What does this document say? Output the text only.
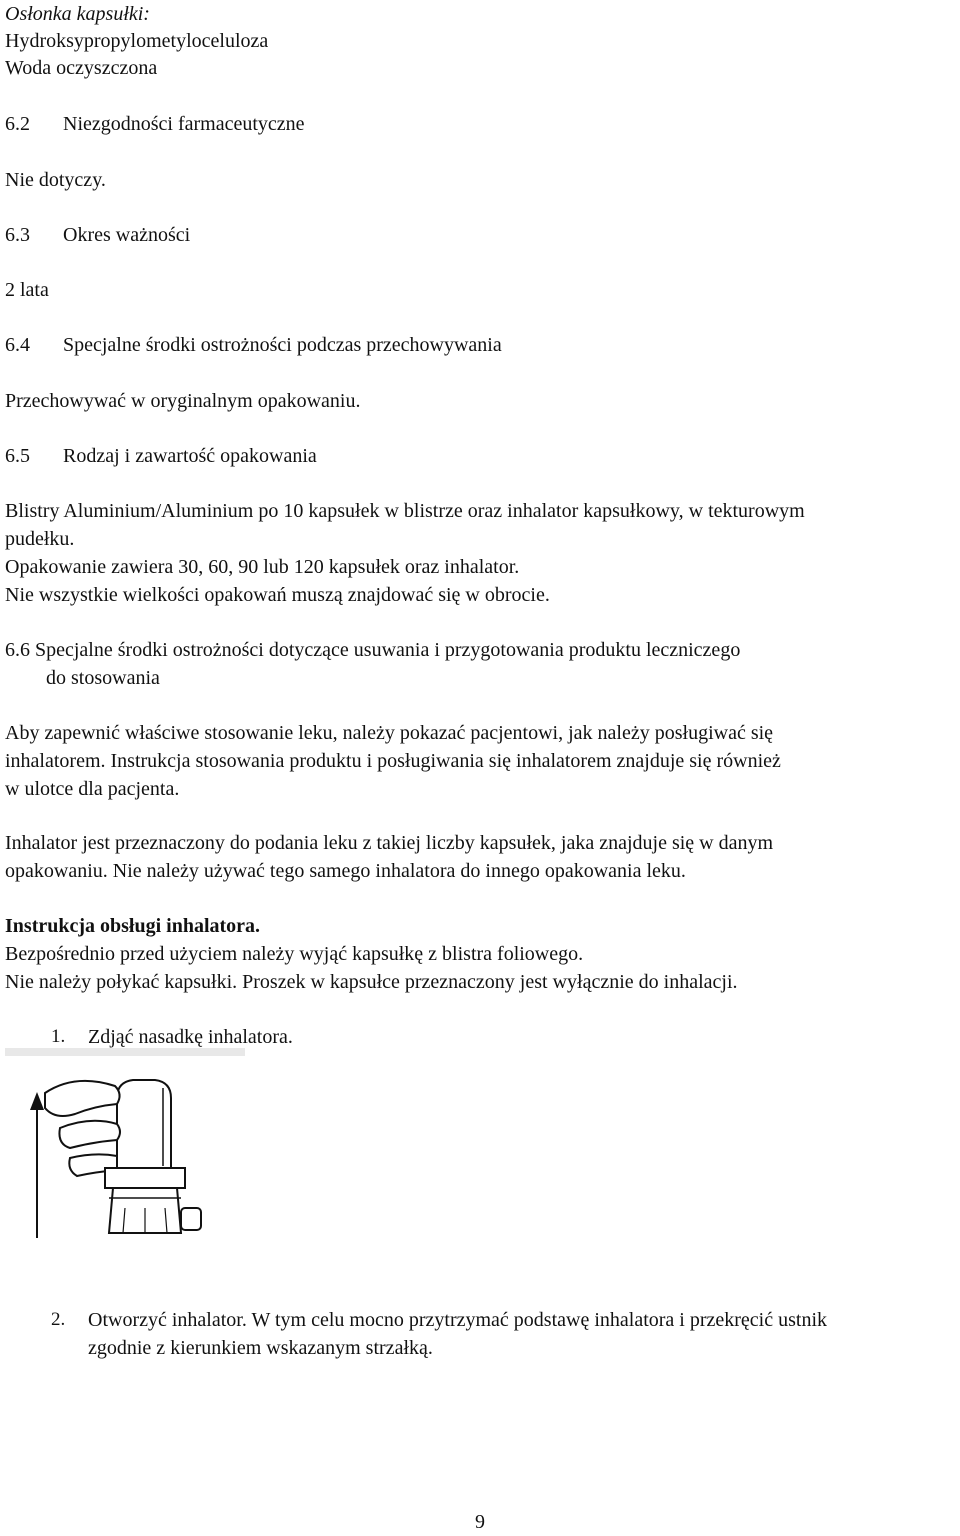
Osłonka kapsułki:
Hydroksypropylometyloceluloza
Woda oczyszczona
6.2 Niezgodności farmaceutyczne
Nie dotyczy.
6.3 Okres ważności
2 lata
6.4 Specjalne środki ostrożności podczas przechowywania
Przechowywać w oryginalnym opakowaniu.
6.5 Rodzaj i zawartość opakowania
Blistry Aluminium/Aluminium po 10 kapsułek w blistrze oraz inhalator kapsułkowy, w tekturowym
pudełku.
Opakowanie zawiera 30, 60, 90 lub 120 kapsułek oraz inhalator.
Nie wszystkie wielkości opakowań muszą znajdować się w obrocie.
6.6 Specjalne środki ostrożności dotyczące usuwania i przygotowania produktu leczniczego
do stosowania
Aby zapewnić właściwe stosowanie leku, należy pokazać pacjentowi, jak należy posługiwać się
inhalatorem. Instrukcja stosowania produktu i posługiwania się inhalatorem znajduje się również
w ulotce dla pacjenta.
Inhalator jest przeznaczony do podania leku z takiej liczby kapsułek, jaka znajduje się w danym
opakowaniu. Nie należy używać tego samego inhalatora do innego opakowania leku.
Instrukcja obsługi inhalatora.
Bezpośrednio przed użyciem należy wyjąć kapsułkę z blistra foliowego.
Nie należy połykać kapsułki. Proszek w kapsułce przeznaczony jest wyłącznie do inhalacji.
1. Zdjąć nasadkę inhalatora.
2. Otworzyć inhalator. W tym celu mocno przytrzymać podstawę inhalatora i przekręcić ustnik
zgodnie z kierunkiem wskazanym strzałką.
9
